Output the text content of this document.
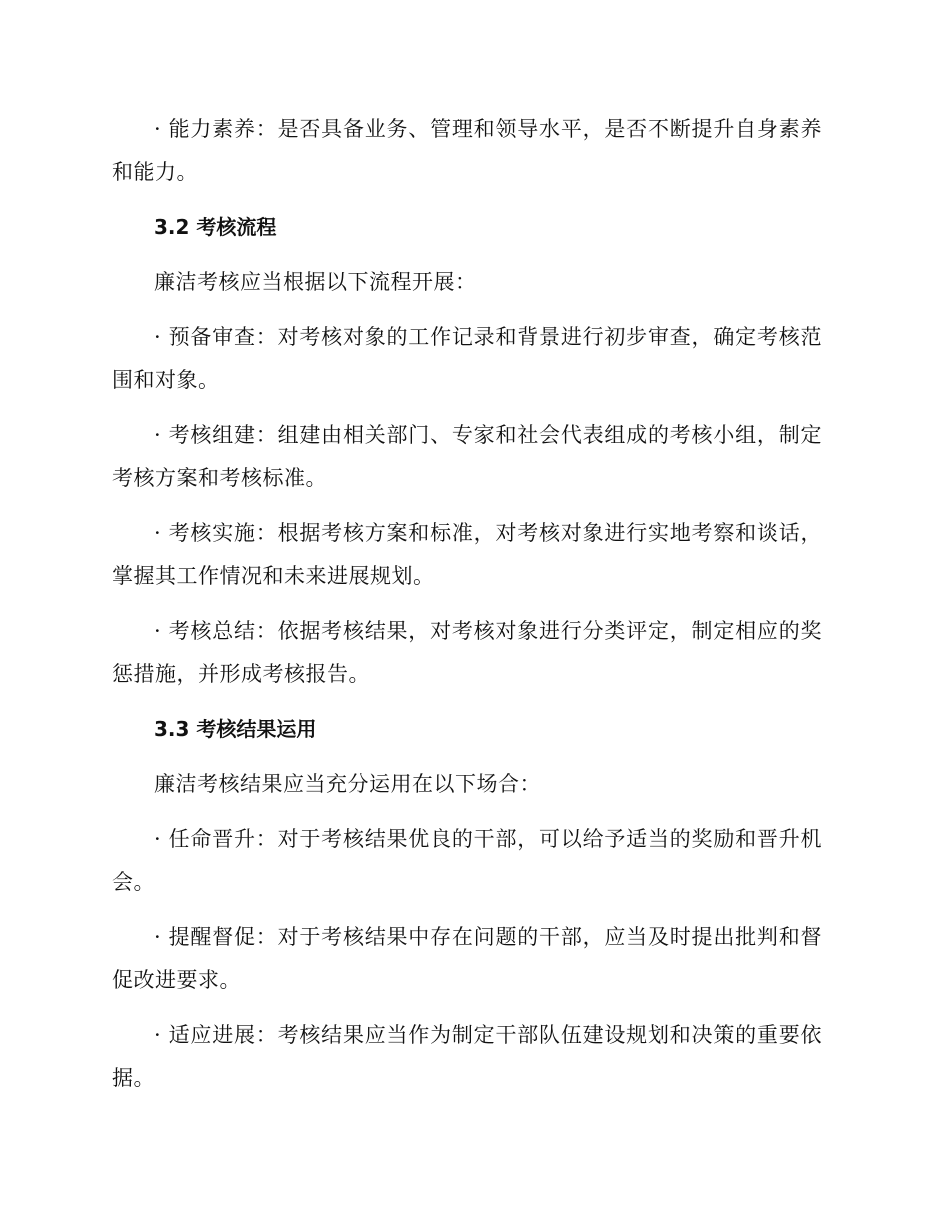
· 能力素养：是否具备业务、管理和领导水平，是否不断提升自身素养和能力。

3.2 考核流程

廉洁考核应当根据以下流程开展：

· 预备审查：对考核对象的工作记录和背景进行初步审查，确定考核范围和对象。

· 考核组建：组建由相关部门、专家和社会代表组成的考核小组，制定考核方案和考核标准。

· 考核实施：根据考核方案和标准，对考核对象进行实地考察和谈话，掌握其工作情况和未来进展规划。

· 考核总结：依据考核结果，对考核对象进行分类评定，制定相应的奖惩措施，并形成考核报告。

3.3 考核结果运用

廉洁考核结果应当充分运用在以下场合：

· 任命晋升：对于考核结果优良的干部，可以给予适当的奖励和晋升机会。

· 提醒督促：对于考核结果中存在问题的干部，应当及时提出批判和督促改进要求。

· 适应进展：考核结果应当作为制定干部队伍建设规划和决策的重要依据。
